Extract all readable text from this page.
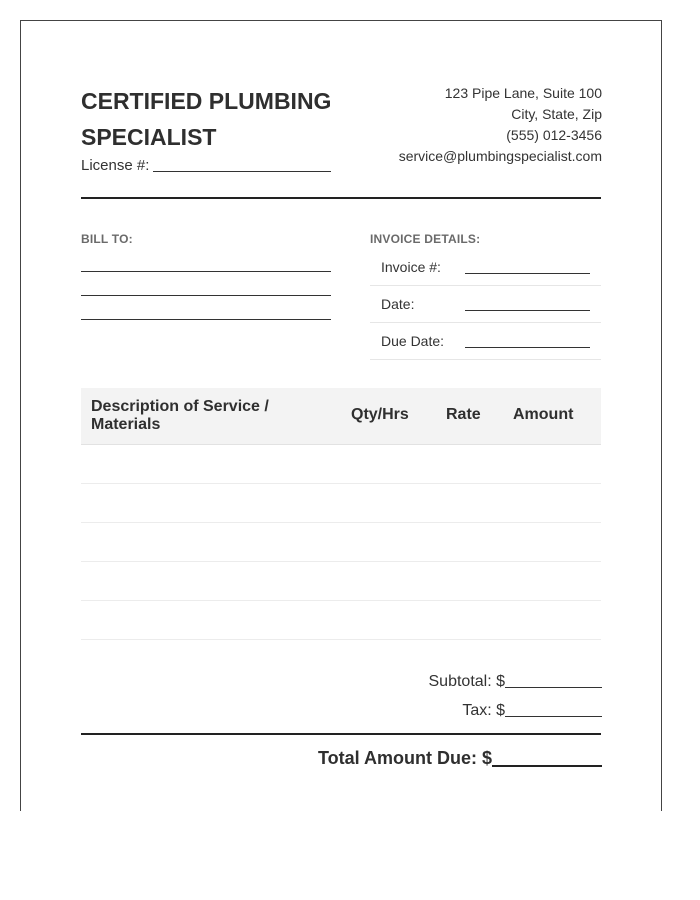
CERTIFIED PLUMBING SPECIALIST
License #:
123 Pipe Lane, Suite 100
City, State, Zip
(555) 012-3456
service@plumbingspecialist.com
BILL TO:	INVOICE DETAILS:
Invoice #:
Date:
Due Date:
Description of Service / Materials
Qty/Hrs Rate Amount
Subtotal: $
Tax: $
Total Amount Due: $
